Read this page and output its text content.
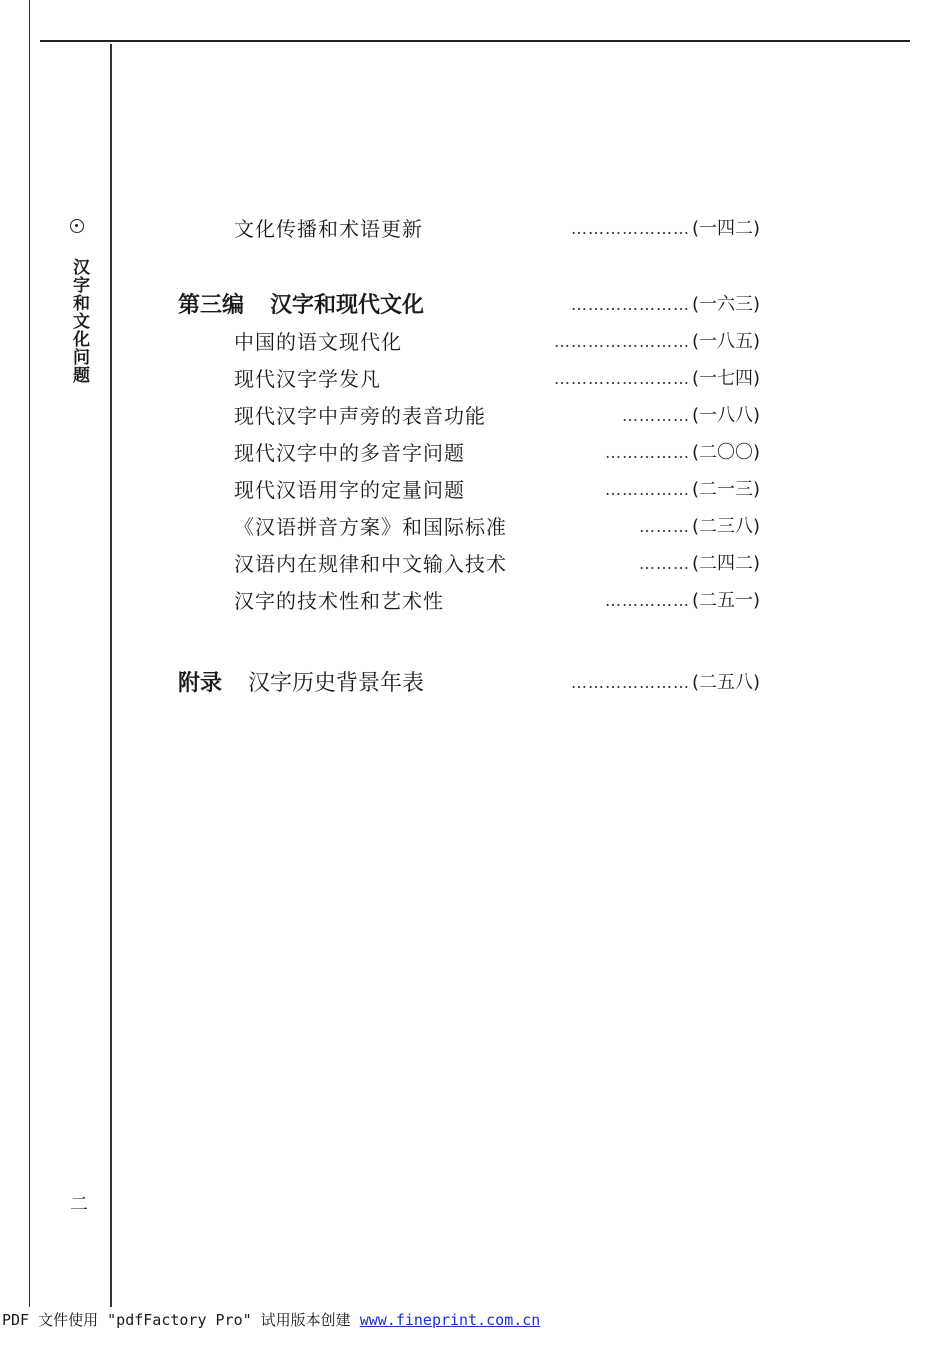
汉字和文化问题
二
文化传播和术语更新	………………… (一四二)
第三编 汉字和现代文化	………………… (一六三)
中国的语文现代化	…………………… (一八五)
现代汉字学发凡	…………………… (一七四)
现代汉字中声旁的表音功能	………… (一八八)
现代汉字中的多音字问题	…………… (二〇〇)
现代汉语用字的定量问题	…………… (二一三)
《汉语拼音方案》和国际标准	……… (二三八)
汉语内在规律和中文输入技术	……… (二四二)
汉字的技术性和艺术性	…………… (二五一)
附录 汉字历史背景年表	………………… (二五八)
PDF 文件使用 "pdfFactory Pro" 试用版本创建 www.fineprint.com.cn
